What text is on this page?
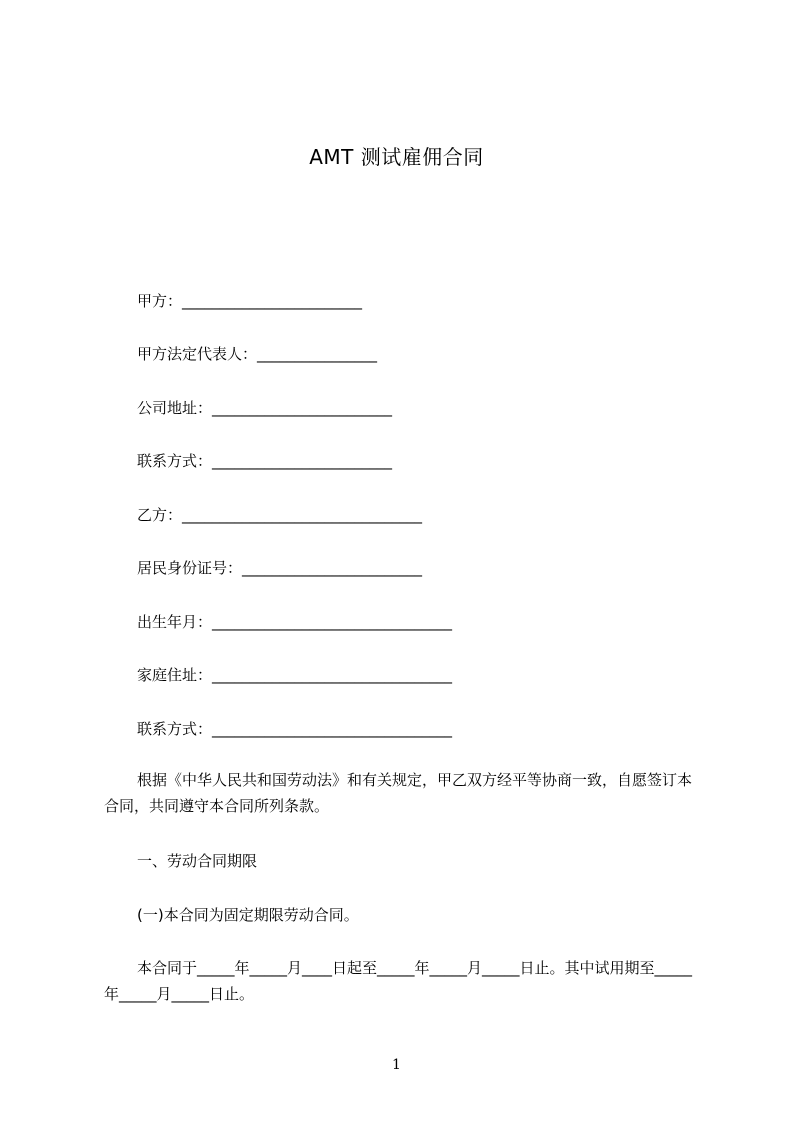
AMT 测试雇佣合同
甲方：________________________
甲方法定代表人：________________
公司地址：________________________
联系方式：________________________
乙方：________________________________
居民身份证号：________________________
出生年月：________________________________
家庭住址：________________________________
联系方式：________________________________
根据《中华人民共和国劳动法》和有关规定，甲乙双方经平等协商一致，自愿签订本合同，共同遵守本合同所列条款。
一、劳动合同期限
(一)本合同为固定期限劳动合同。
本合同于_____年_____月____日起至_____年_____月_____日止。其中试用期至_____年_____月_____日止。
1
